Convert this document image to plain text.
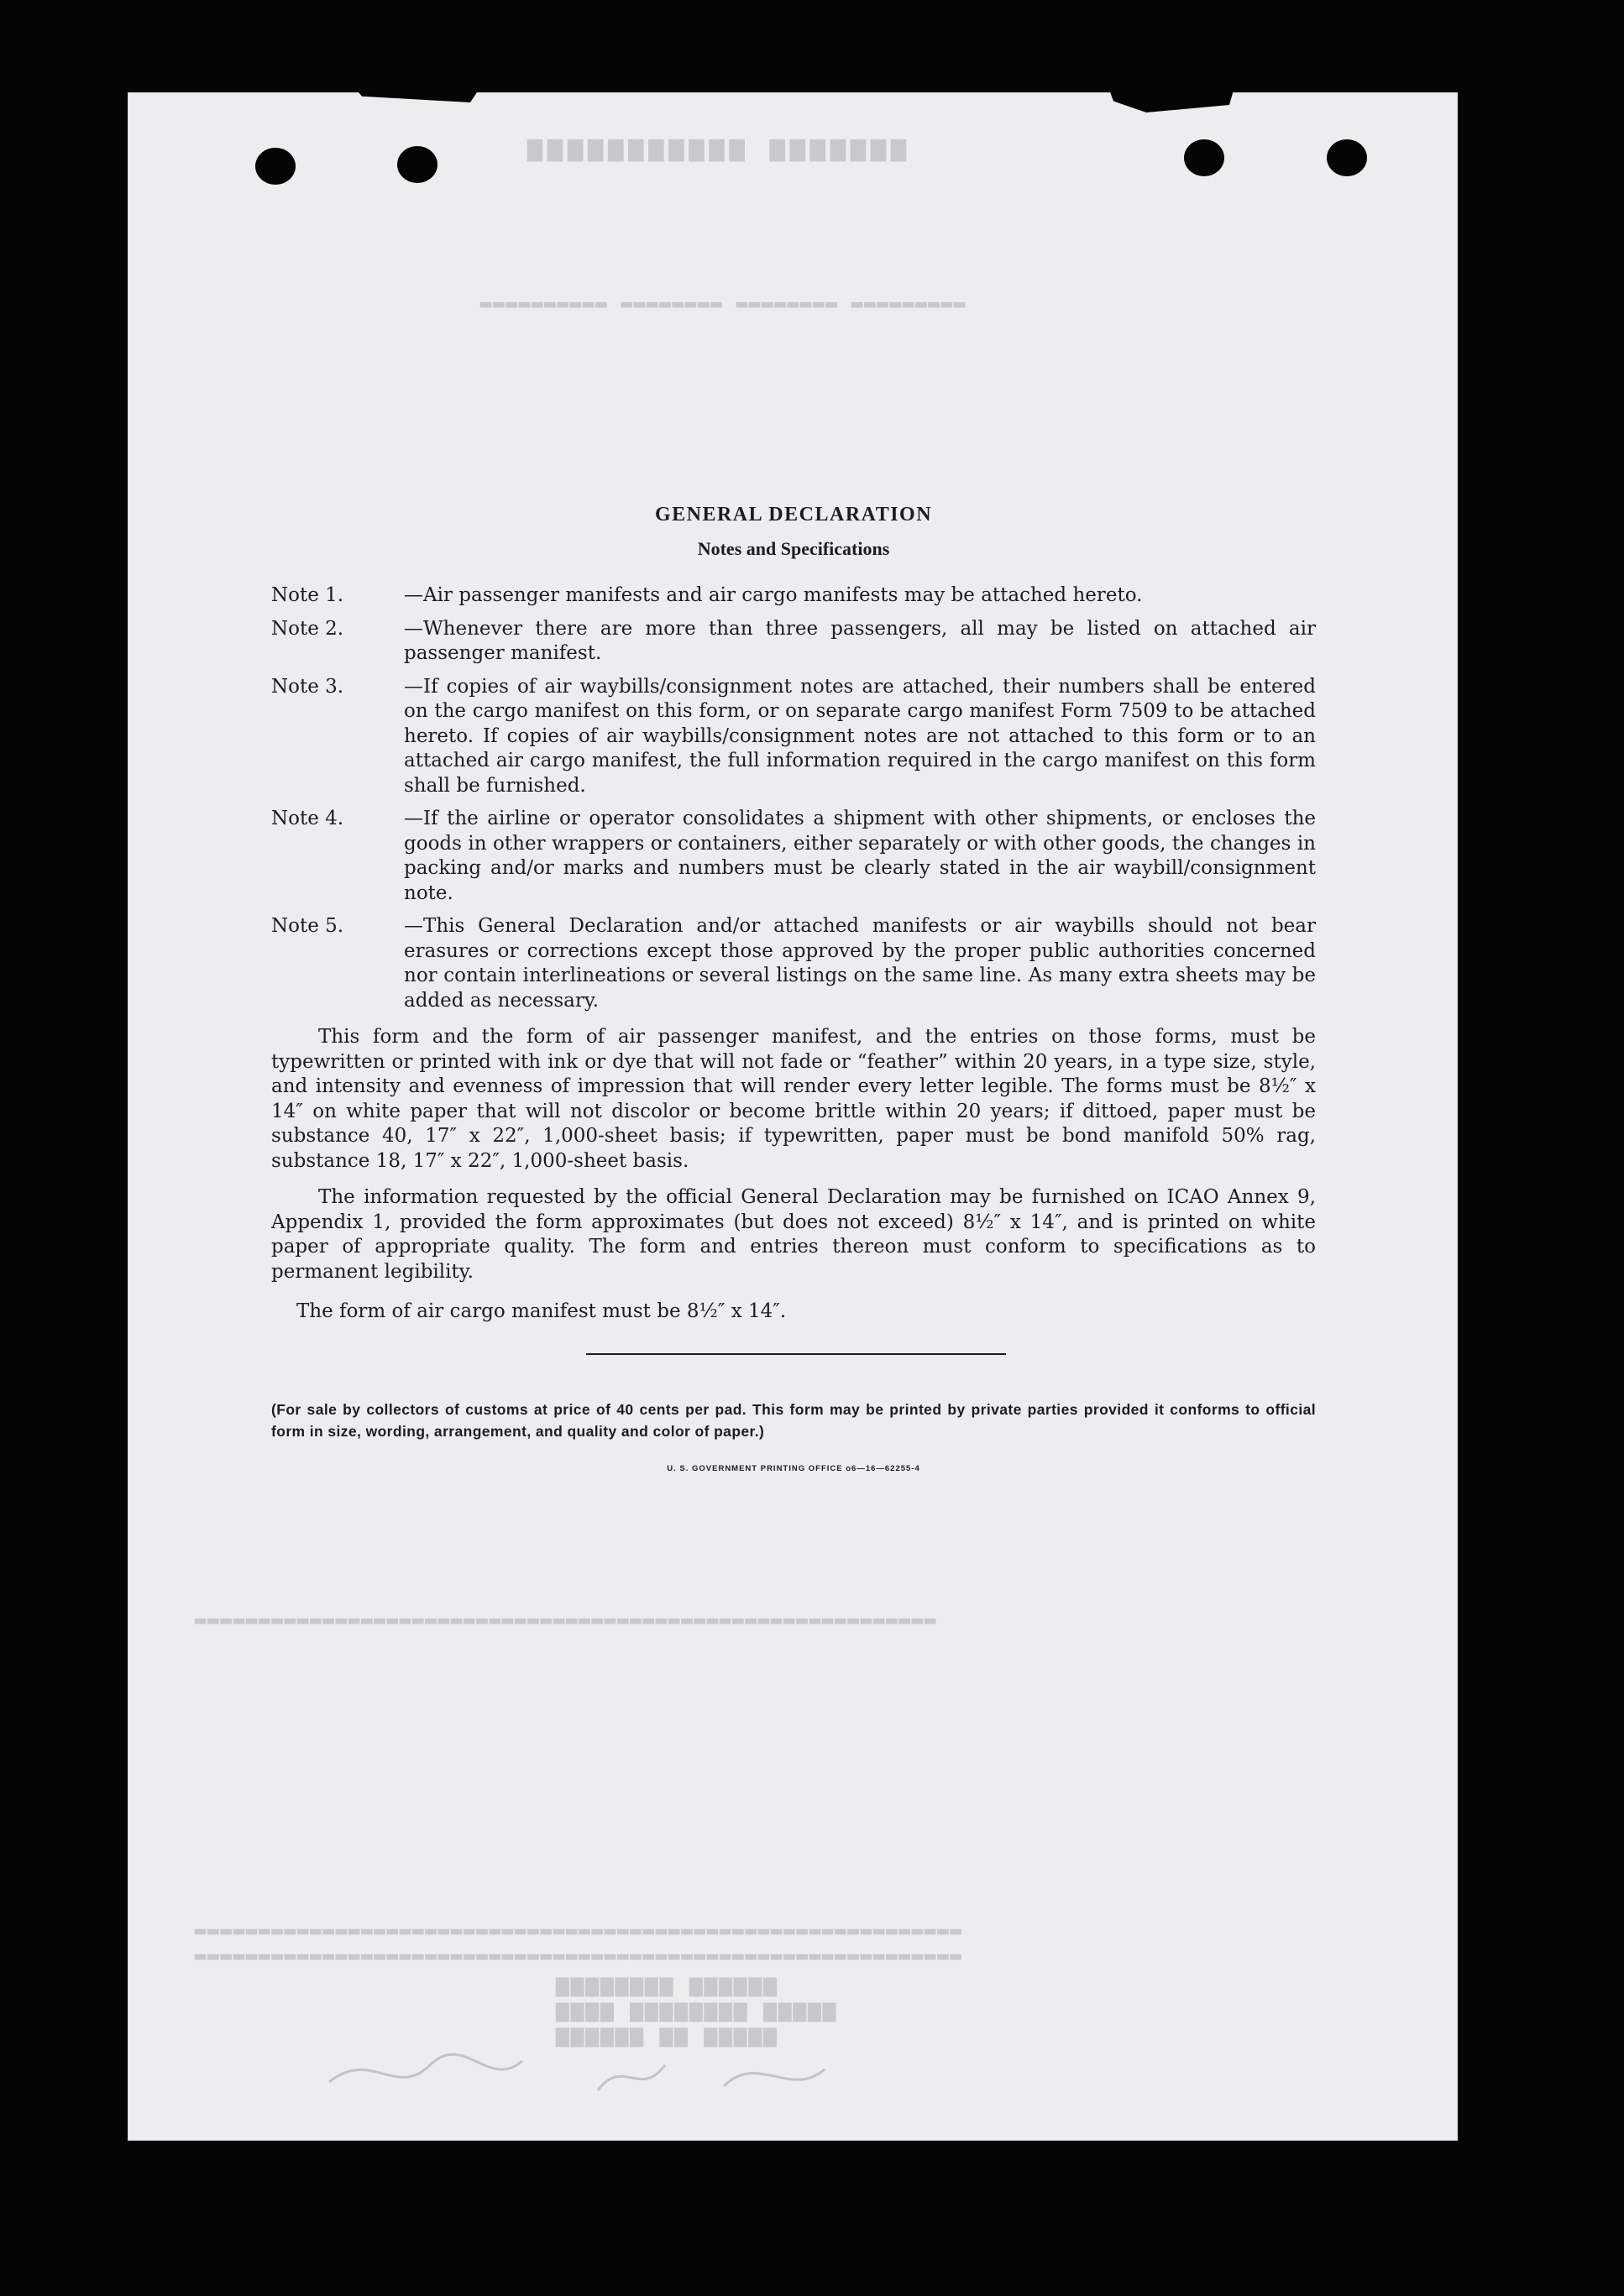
▆▆▆▆▆▆▆ ▆▆▆▆▆▆▆▆▆▆▆
▂▂▂▂▂▂▂▂▂▂ ▂▂▂▂▂▂▂▂ ▂▂▂▂▂▂▂▂ ▂▂▂▂▂▂▂▂▂
▂▂▂▂▂▂▂▂▂▂▂▂▂▂▂▂▂▂▂▂▂▂▂▂▂▂▂▂▂▂▂▂▂▂▂▂▂▂▂▂▂▂▂▂▂▂▂▂▂▂▂▂▂▂▂▂▂▂
▂▂▂▂▂▂▂▂▂▂▂▂▂▂▂▂▂▂▂▂▂▂▂▂▂▂▂▂▂▂▂▂▂▂▂▂▂▂▂▂▂▂▂▂▂▂▂▂▂▂▂▂▂▂▂▂▂▂▂▂
▂▂▂▂▂▂▂▂▂▂▂▂▂▂▂▂▂▂▂▂▂▂▂▂▂▂▂▂▂▂▂▂▂▂▂▂▂▂▂▂▂▂▂▂▂▂▂▂▂▂▂▂▂▂▂▂▂▂▂▂
▆▆▆▆▆▆▆▆ ▆▆▆▆▆▆
▆▆▆▆ ▆▆▆▆▆▆▆▆ ▆▆▆▆▆
▆▆▆▆▆▆ ▆▆ ▆▆▆▆▆
GENERAL DECLARATION
Notes and Specifications
Note 1.	—Air passenger manifests and air cargo manifests may be attached hereto.
Note 2.	—Whenever there are more than three passengers, all may be listed on attached air passenger manifest.
Note 3.	—If copies of air waybills/consignment notes are attached, their numbers shall be entered on the cargo manifest on this form, or on separate cargo manifest Form 7509 to be attached hereto. If copies of air waybills/consignment notes are not attached to this form or to an attached air cargo manifest, the full information required in the cargo manifest on this form shall be furnished.
Note 4.	—If the airline or operator consolidates a shipment with other shipments, or encloses the goods in other wrappers or containers, either separately or with other goods, the changes in packing and/or marks and numbers must be clearly stated in the air waybill/consignment note.
Note 5.	—This General Declaration and/or attached manifests or air waybills should not bear erasures or corrections except those approved by the proper public authorities concerned nor contain interlineations or several listings on the same line. As many extra sheets may be added as necessary.
This form and the form of air passenger manifest, and the entries on those forms, must be typewritten or printed with ink or dye that will not fade or “feather” within 20 years, in a type size, style, and intensity and evenness of impression that will render every letter legible. The forms must be 8½″ x 14″ on white paper that will not discolor or become brittle within 20 years; if dittoed, paper must be substance 40, 17″ x 22″, 1,000-sheet basis; if typewritten, paper must be bond manifold 50% rag, substance 18, 17″ x 22″, 1,000-sheet basis.
The information requested by the official General Declaration may be furnished on ICAO Annex 9, Appendix 1, provided the form approximates (but does not exceed) 8½″ x 14″, and is printed on white paper of appropriate quality. The form and entries thereon must conform to specifications as to permanent legibility.
The form of air cargo manifest must be 8½″ x 14″.
(For sale by collectors of customs at price of 40 cents per pad. This form may be printed by private parties provided it conforms to official form in size, wording, arrangement, and quality and color of paper.)
U. S. GOVERNMENT PRINTING OFFICE o6—16—62255-4
